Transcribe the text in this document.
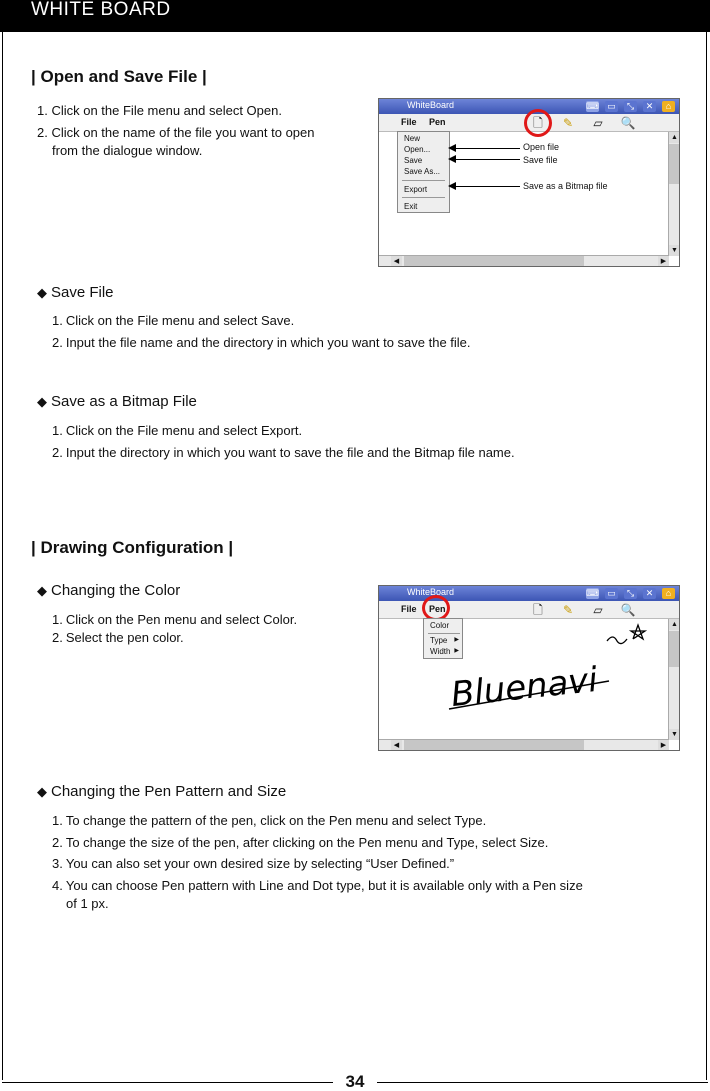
WHITE BOARD
34
| Open and Save File |
1. Click on the File menu and select Open.
2. Click on the name of the file you want to open
from the dialogue window.
WhiteBoard	⌨ ▭	⤡	✕	⌂
File Pen	🗋 ✎ ▱ 🔍
New
Open...
Save
Save As...
Export
Exit
Open file
Save file
Save as a Bitmap file
▲
▼
◀	▶
◆ Save File
1. Click on the File menu and select Save.
2. Input the file name and the directory in which you want to save the file.
◆ Save as a Bitmap File
1. Click on the File menu and select Export.
2. Input the directory in which you want to save the file and the Bitmap file name.
| Drawing Configuration |
◆ Changing the Color
1. Click on the Pen menu and select Color.
2. Select the pen color.
WhiteBoard	⌨ ▭	⤡	✕	⌂
File Pen	🗋 ✎ ▱ 🔍
Color
Type ▶
Width ▶
Bluenavi
▲
▼
◀	▶
◆ Changing the Pen Pattern and Size
1. To change the pattern of the pen, click on the Pen menu and select Type.
2. To change the size of the pen, after clicking on the Pen menu and Type, select Size.
3. You can also set your own desired size by selecting “User Defined.”
4. You can choose Pen pattern with Line and Dot type, but it is available only with a Pen size
of 1 px.
